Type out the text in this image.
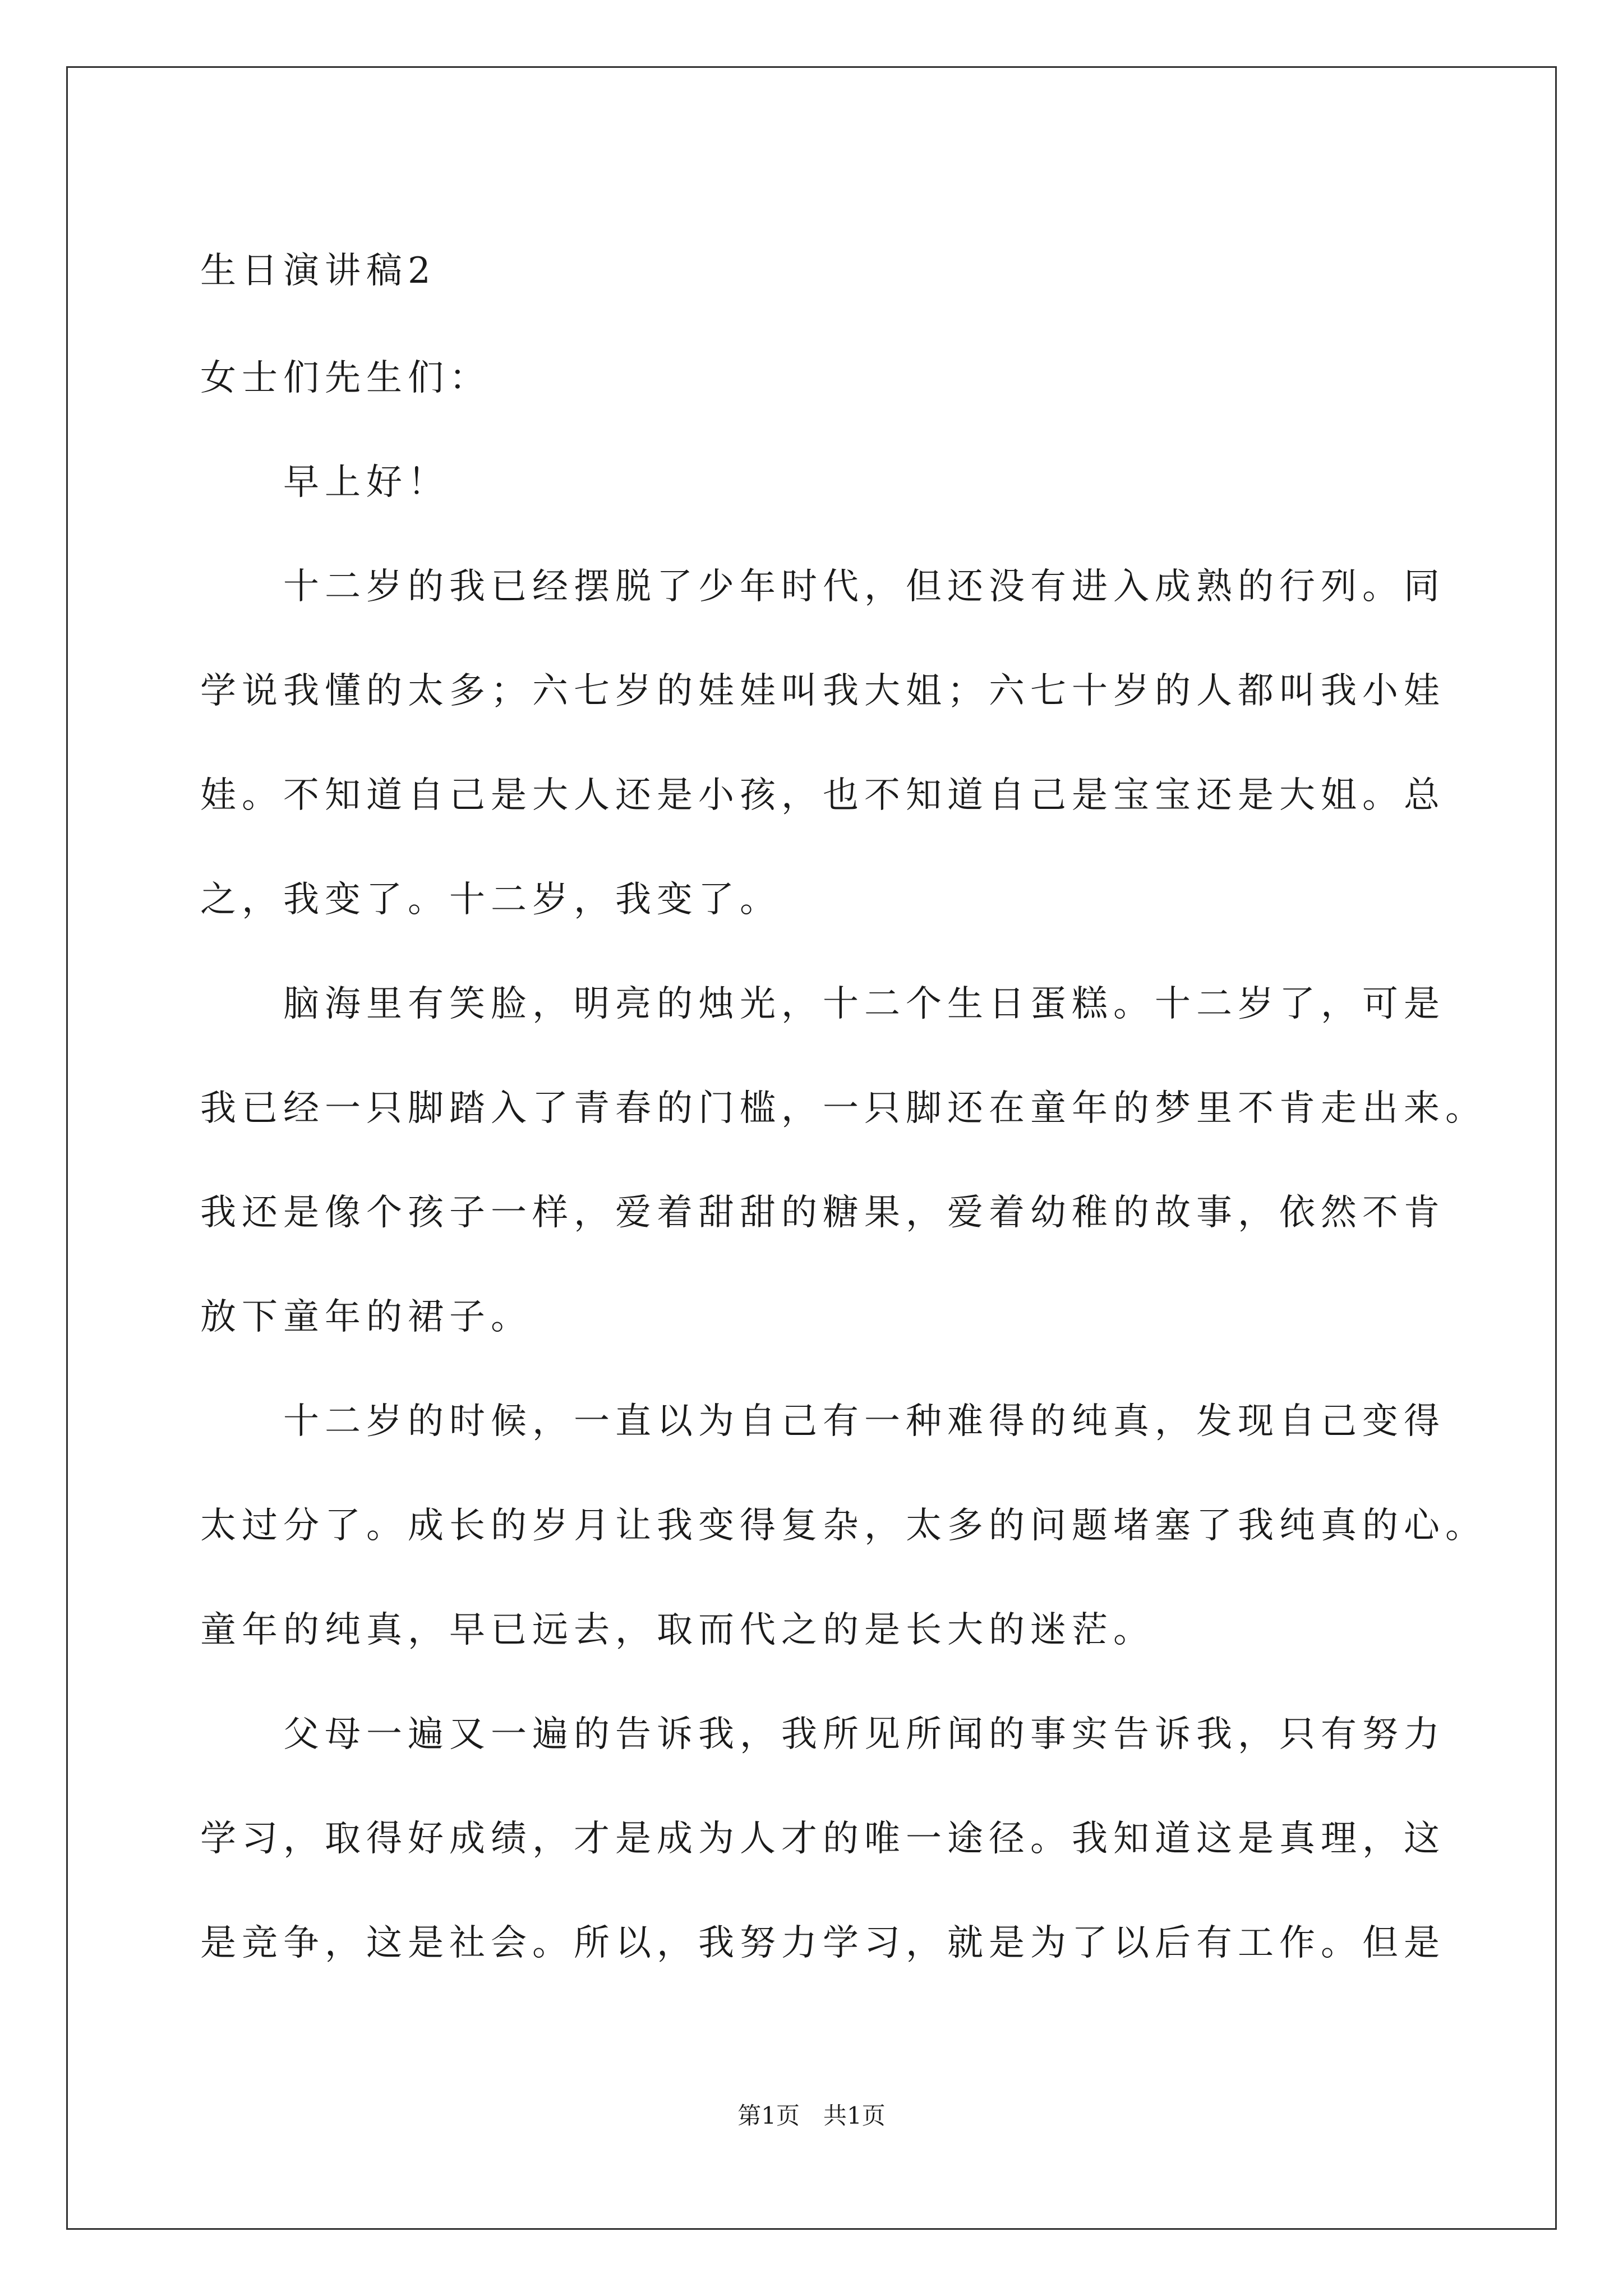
生日演讲稿2
女士们先生们：

早上好！

十二岁的我已经摆脱了少年时代，但还没有进入成熟的行列。同

学说我懂的太多；六七岁的娃娃叫我大姐；六七十岁的人都叫我小娃

娃。不知道自己是大人还是小孩，也不知道自己是宝宝还是大姐。总

之，我变了。十二岁，我变了。

脑海里有笑脸，明亮的烛光，十二个生日蛋糕。十二岁了，可是

我已经一只脚踏入了青春的门槛，一只脚还在童年的梦里不肯走出来。

我还是像个孩子一样，爱着甜甜的糖果，爱着幼稚的故事，依然不肯

放下童年的裙子。

十二岁的时候，一直以为自己有一种难得的纯真，发现自己变得

太过分了。成长的岁月让我变得复杂，太多的问题堵塞了我纯真的心。

童年的纯真，早已远去，取而代之的是长大的迷茫。

父母一遍又一遍的告诉我，我所见所闻的事实告诉我，只有努力

学习，取得好成绩，才是成为人才的唯一途径。我知道这是真理，这

是竞争，这是社会。所以，我努力学习，就是为了以后有工作。但是

第1页　共1页
